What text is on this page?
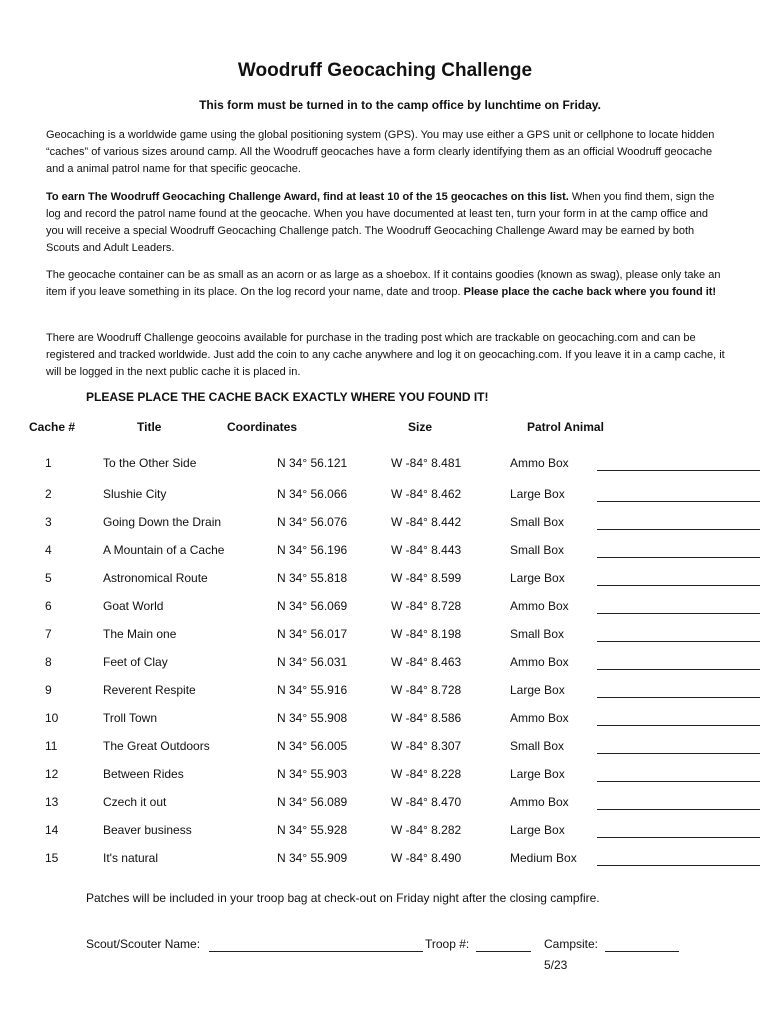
Woodruff Geocaching Challenge
This form must be turned in to the camp office by lunchtime on Friday.
Geocaching is a worldwide game using the global positioning system (GPS). You may use either a GPS unit or cellphone to locate hidden “caches” of various sizes around camp. All the Woodruff geocaches have a form clearly identifying them as an official Woodruff geocache and a animal patrol name for that specific geocache.
To earn The Woodruff Geocaching Challenge Award, find at least 10 of the 15 geocaches on this list. When you find them, sign the log and record the patrol name found at the geocache. When you have documented at least ten, turn your form in at the camp office and you will receive a special Woodruff Geocaching Challenge patch. The Woodruff Geocaching Challenge Award may be earned by both Scouts and Adult Leaders.
The geocache container can be as small as an acorn or as large as a shoebox. If it contains goodies (known as swag), please only take an item if you leave something in its place. On the log record your name, date and troop. Please place the cache back where you found it!
There are Woodruff Challenge geocoins available for purchase in the trading post which are trackable on geocaching.com and can be registered and tracked worldwide. Just add the coin to any cache anywhere and log it on geocaching.com. If you leave it in a camp cache, it will be logged in the next public cache it is placed in.
PLEASE PLACE THE CACHE BACK EXACTLY WHERE YOU FOUND IT!
Cache #	Title	Coordinates	Size	Patrol Animal
1	To the Other Side	N 34° 56.121	W -84° 8.481	Ammo Box
2	Slushie City	N 34° 56.066	W -84° 8.462	Large Box
3	Going Down the Drain	N 34° 56.076	W -84° 8.442	Small Box
4	A Mountain of a Cache	N 34° 56.196	W -84° 8.443	Small Box
5	Astronomical Route	N 34° 55.818	W -84° 8.599	Large Box
6	Goat World	N 34° 56.069	W -84° 8.728	Ammo Box
7	The Main one	N 34° 56.017	W -84° 8.198	Small Box
8	Feet of Clay	N 34° 56.031	W -84° 8.463	Ammo Box
9	Reverent Respite	N 34° 55.916	W -84° 8.728	Large Box
10	Troll Town	N 34° 55.908	W -84° 8.586	Ammo Box
11	The Great Outdoors	N 34° 56.005	W -84° 8.307	Small Box
12	Between Rides	N 34° 55.903	W -84° 8.228	Large Box
13	Czech it out	N 34° 56.089	W -84° 8.470	Ammo Box
14	Beaver business	N 34° 55.928	W -84° 8.282	Large Box
15	It's natural	N 34° 55.909	W -84° 8.490	Medium Box
Patches will be included in your troop bag at check-out on Friday night after the closing campfire.
Scout/Scouter Name:	Troop #:	Campsite:
5/23
